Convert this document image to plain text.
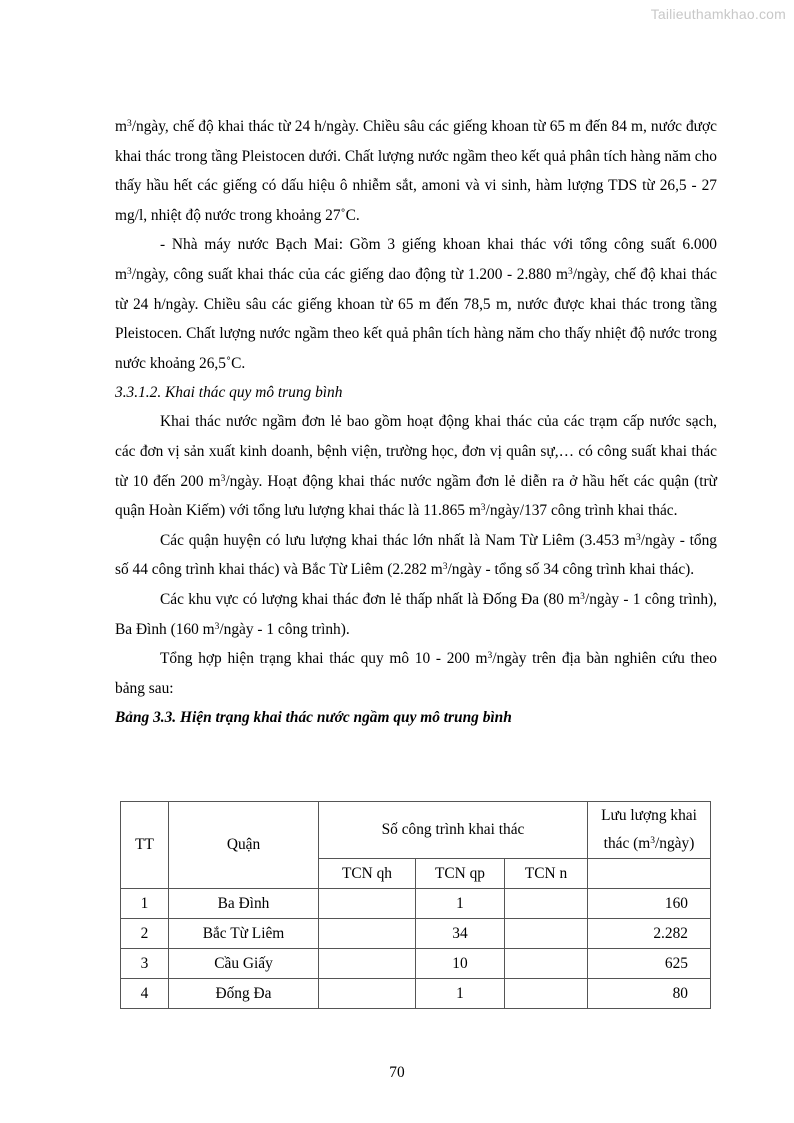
Tailieuthamkhao.com

$m^3$/ngày, chế độ khai thác từ 24 h/ngày. Chiều sâu các giếng khoan từ 65 m đến 84 m, nước được khai thác trong tầng Pleistocen dưới. Chất lượng nước ngầm theo kết quả phân tích hàng năm cho thấy hầu hết các giếng có dấu hiệu ô nhiễm sắt, amoni và vi sinh, hàm lượng TDS từ 26,5 - 27 mg/l, nhiệt độ nước trong khoảng 27˚C.

- Nhà máy nước Bạch Mai: Gồm 3 giếng khoan khai thác với tổng công suất 6.000 $m^3$/ngày, công suất khai thác của các giếng dao động từ 1.200 - 2.880 $m^3$/ngày, chế độ khai thác từ 24 h/ngày. Chiều sâu các giếng khoan từ 65 m đến 78,5 m, nước được khai thác trong tầng Pleistocen. Chất lượng nước ngầm theo kết quả phân tích hàng năm cho thấy nhiệt độ nước trong nước khoảng 26,5˚C.

3.3.1.2. Khai thác quy mô trung bình

Khai thác nước ngầm đơn lẻ bao gồm hoạt động khai thác của các trạm cấp nước sạch, các đơn vị sản xuất kinh doanh, bệnh viện, trường học, đơn vị quân sự,… có công suất khai thác từ 10 đến 200 $m^3$/ngày. Hoạt động khai thác nước ngầm đơn lẻ diễn ra ở hầu hết các quận (trừ quận Hoàn Kiếm) với tổng lưu lượng khai thác là 11.865 $m^3/ngày/137$ công trình khai thác.

Các quận huyện có lưu lượng khai thác lớn nhất là Nam Từ Liêm (3.453 $m^3$/ngày - tổng số 44 công trình khai thác) và Bắc Từ Liêm (2.282 $m^3$/ngày - tổng số 34 công trình khai thác).

Các khu vực có lượng khai thác đơn lẻ thấp nhất là Đống Đa (80 $m^3$/ngày - 1 công trình), Ba Đình (160 $m^3$/ngày - 1 công trình).

Tổng hợp hiện trạng khai thác quy mô 10 - 200 $m^3$/ngày trên địa bàn nghiên cứu theo bảng sau:

Bảng 3.3. Hiện trạng khai thác nước ngầm quy mô trung bình

TT	Quận	Số công trình khai thác			Lưu lượng khai
thác $(m^3/ngày)$
		TCN qh	TCN qp	TCN n	
1	Ba Đình		1		160
2	Bắc Từ Liêm		34		2.282
3	Cầu Giấy		10		625
4	Đống Đa		1		80
70
